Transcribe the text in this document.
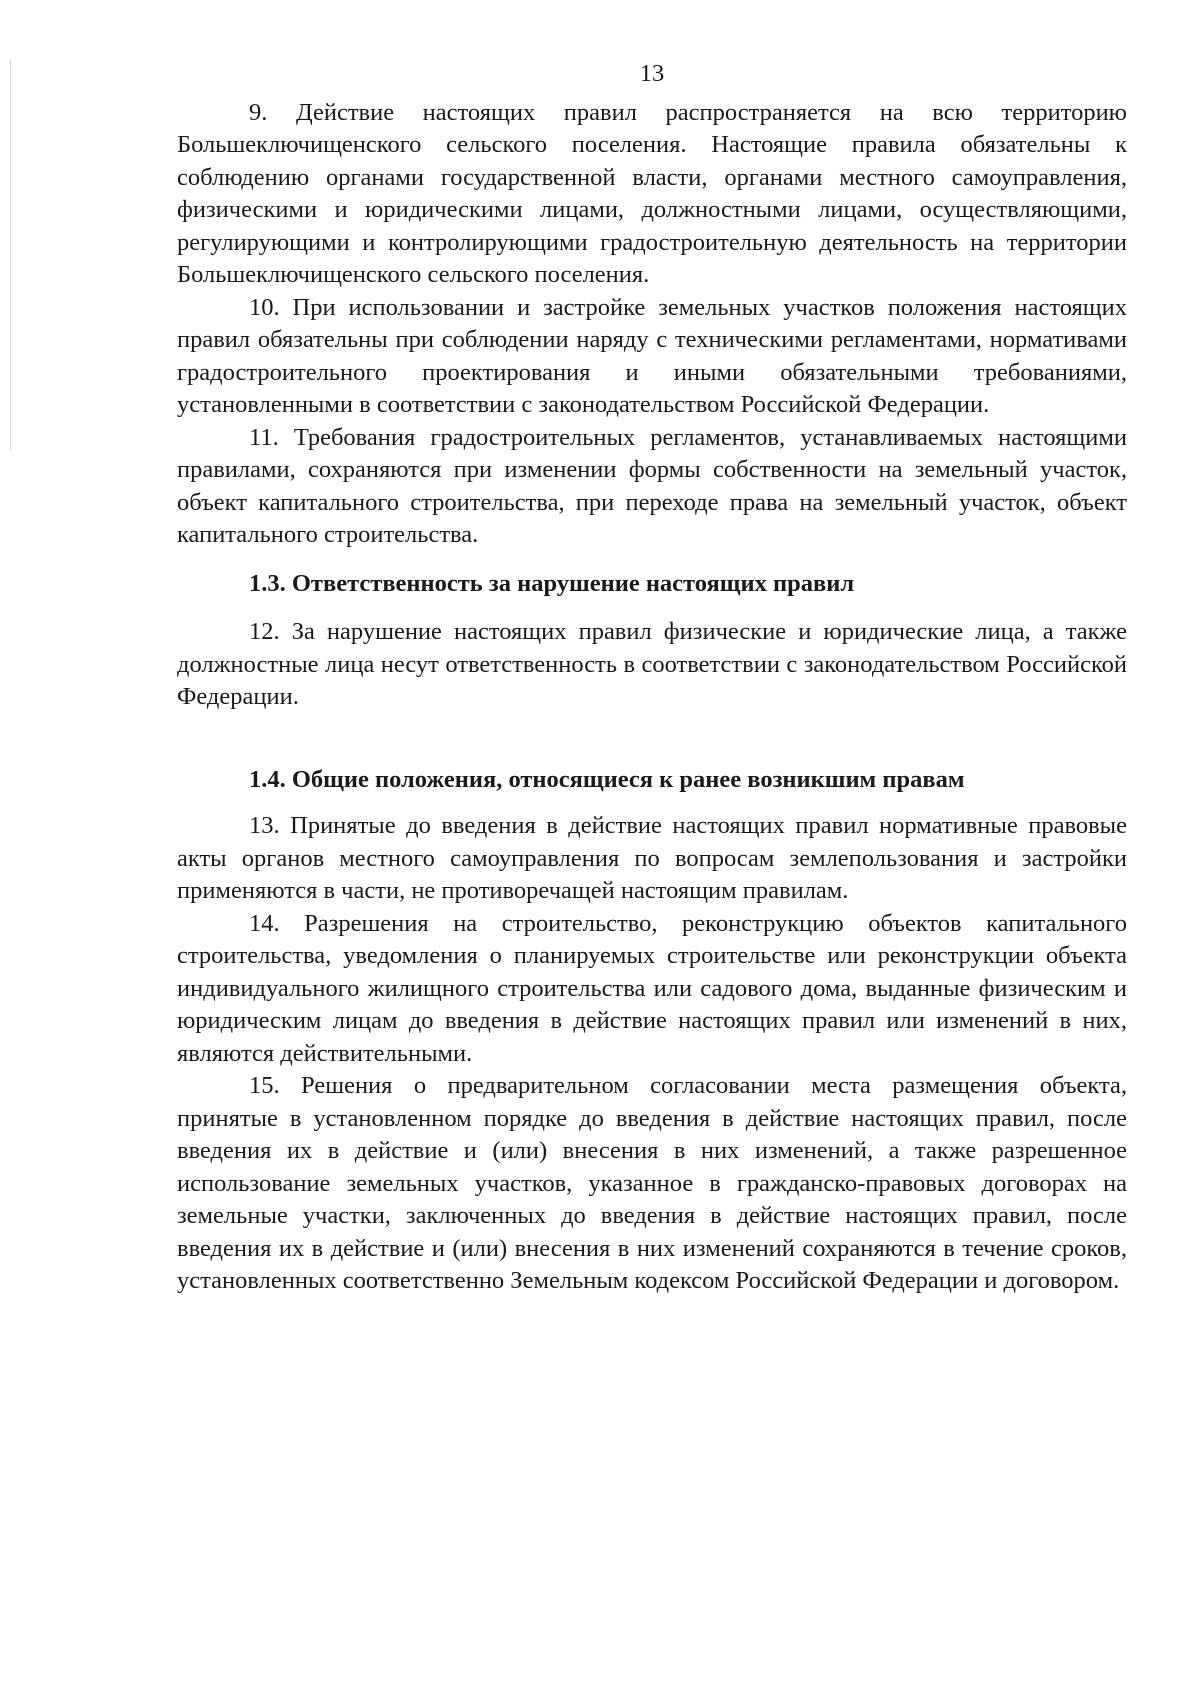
13

9. Действие настоящих правил распространяется на всю территорию Большеключищенского сельского поселения. Настоящие правила обязательны к соблюдению органами государственной власти, органами местного самоуправления, физическими и юридическими лицами, должностными лицами, осуществляющими, регулирующими и контролирующими градостроительную деятельность на территории Большеключищенского сельского поселения.

10. При использовании и застройке земельных участков положения настоящих правил обязательны при соблюдении наряду с техническими регламентами, нормативами градостроительного проектирования и иными обязательными требованиями, установленными в соответствии с законодательством Российской Федерации.

11. Требования градостроительных регламентов, устанавливаемых настоящими правилами, сохраняются при изменении формы собственности на земельный участок, объект капитального строительства, при переходе права на земельный участок, объект капитального строительства.

1.3. Ответственность за нарушение настоящих правил

12. За нарушение настоящих правил физические и юридические лица, а также должностные лица несут ответственность в соответствии с законодательством Российской Федерации.

1.4. Общие положения, относящиеся к ранее возникшим правам

13. Принятые до введения в действие настоящих правил нормативные правовые акты органов местного самоуправления по вопросам землепользования и застройки применяются в части, не противоречащей настоящим правилам.

14. Разрешения на строительство, реконструкцию объектов капитального строительства, уведомления о планируемых строительстве или реконструкции объекта индивидуального жилищного строительства или садового дома, выданные физическим и юридическим лицам до введения в действие настоящих правил или изменений в них, являются действительными.

15. Решения о предварительном согласовании места размещения объекта, принятые в установленном порядке до введения в действие настоящих правил, после введения их в действие и (или) внесения в них изменений, а также разрешенное использование земельных участков, указанное в гражданско-правовых договорах на земельные участки, заключенных до введения в действие настоящих правил, после введения их в действие и (или) внесения в них изменений сохраняются в течение сроков, установленных соответственно Земельным кодексом Российской Федерации и договором.
